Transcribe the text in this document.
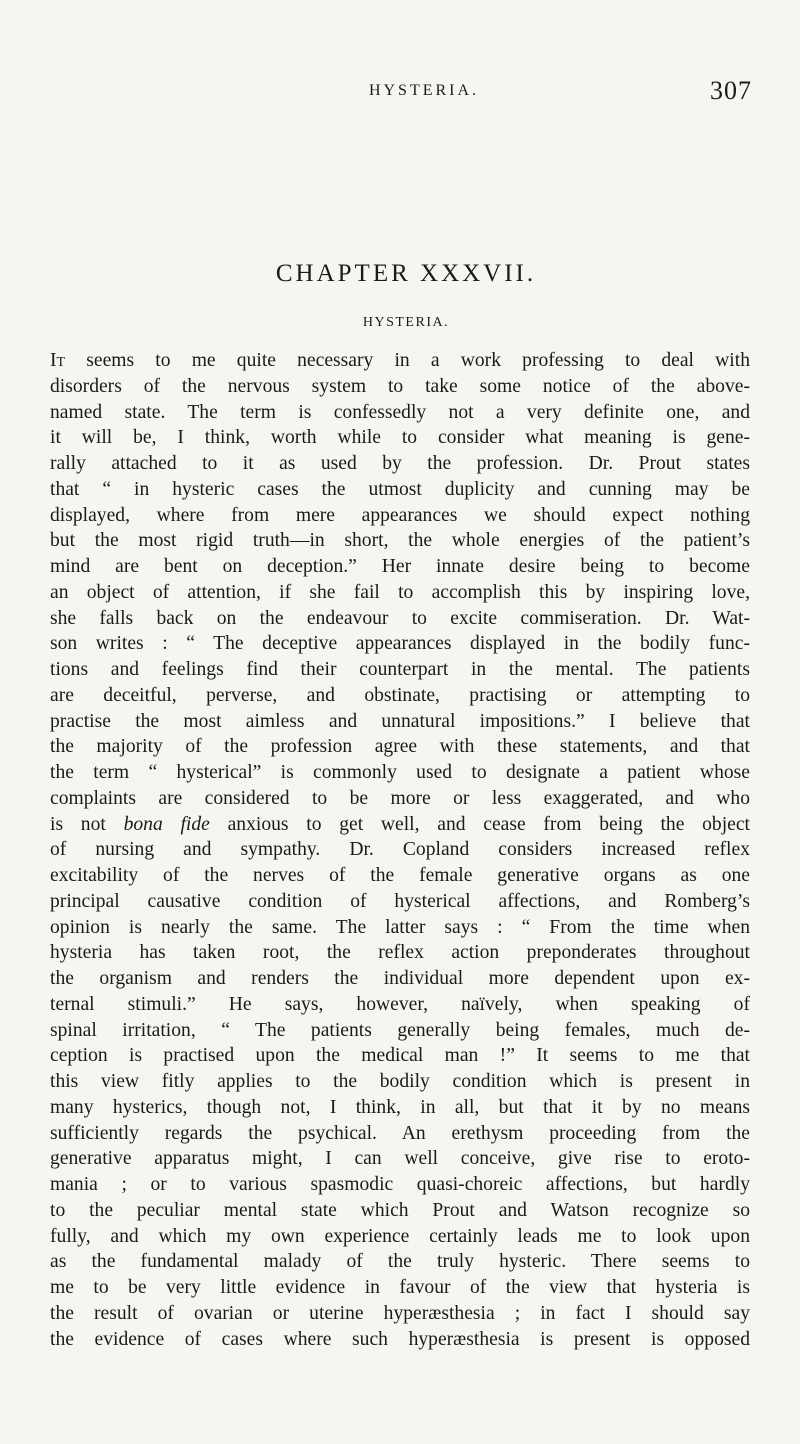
HYSTERIA.	307
CHAPTER XXXVII.
HYSTERIA.
It seems to me quite necessary in a work professing to deal with
disorders of the nervous system to take some notice of the above-
named state. The term is confessedly not a very definite one, and
it will be, I think, worth while to consider what meaning is gene-
rally attached to it as used by the profession. Dr. Prout states
that “ in hysteric cases the utmost duplicity and cunning may be
displayed, where from mere appearances we should expect nothing
but the most rigid truth—in short, the whole energies of the patient’s
mind are bent on deception.” Her innate desire being to become
an object of attention, if she fail to accomplish this by inspiring love,
she falls back on the endeavour to excite commiseration. Dr. Wat-
son writes : “ The deceptive appearances displayed in the bodily func-
tions and feelings find their counterpart in the mental. The patients
are deceitful, perverse, and obstinate, practising or attempting to
practise the most aimless and unnatural impositions.” I believe that
the majority of the profession agree with these statements, and that
the term “ hysterical” is commonly used to designate a patient whose
complaints are considered to be more or less exaggerated, and who
is not bona fide anxious to get well, and cease from being the object
of nursing and sympathy. Dr. Copland considers increased reflex
excitability of the nerves of the female generative organs as one
principal causative condition of hysterical affections, and Romberg’s
opinion is nearly the same. The latter says : “ From the time when
hysteria has taken root, the reflex action preponderates throughout
the organism and renders the individual more dependent upon ex-
ternal stimuli.” He says, however, naïvely, when speaking of
spinal irritation, “ The patients generally being females, much de-
ception is practised upon the medical man !” It seems to me that
this view fitly applies to the bodily condition which is present in
many hysterics, though not, I think, in all, but that it by no means
sufficiently regards the psychical. An erethysm proceeding from the
generative apparatus might, I can well conceive, give rise to eroto-
mania ; or to various spasmodic quasi-choreic affections, but hardly
to the peculiar mental state which Prout and Watson recognize so
fully, and which my own experience certainly leads me to look upon
as the fundamental malady of the truly hysteric. There seems to
me to be very little evidence in favour of the view that hysteria is
the result of ovarian or uterine hyperæsthesia ; in fact I should say
the evidence of cases where such hyperæsthesia is present is opposed
